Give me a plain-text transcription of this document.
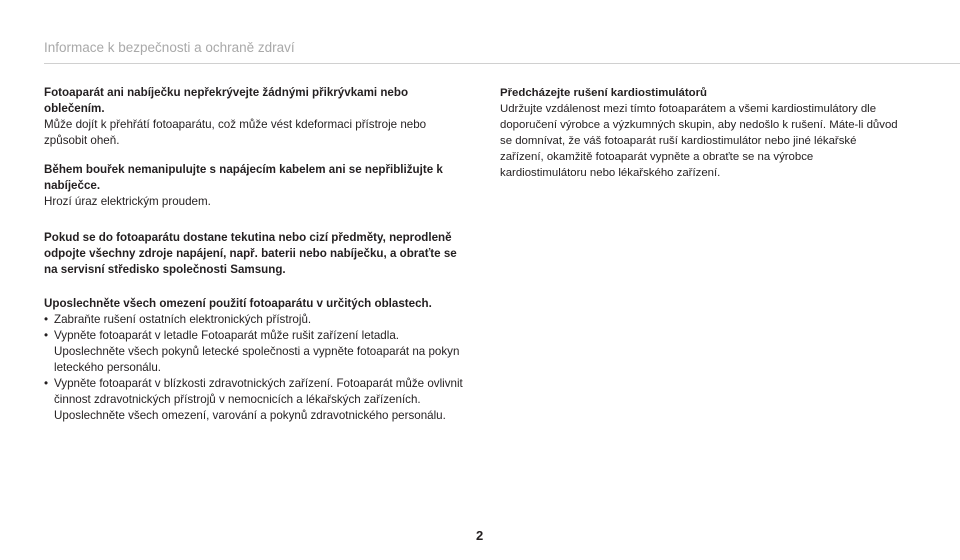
Informace k bezpečnosti a ochraně zdraví
Fotoaparát ani nabíječku nepřekrývejte žádnými přikrývkami nebo oblečením.
Může dojít k přehřátí fotoaparátu, což může vést kdeformaci přístroje nebo způsobit oheň.
Během bouřek nemanipulujte s napájecím kabelem ani se nepřibližujte k nabíječce.
Hrozí úraz elektrickým proudem.
Pokud se do fotoaparátu dostane tekutina nebo cizí předměty, neprodleně odpojte všechny zdroje napájení, např. baterii nebo nabíječku, a obraťte se na servisní středisko společnosti Samsung.
Uposlechněte všech omezení použití fotoaparátu v určitých oblastech.
• Zabraňte rušení ostatních elektronických přístrojů.
• Vypněte fotoaparát v letadle Fotoaparát může rušit zařízení letadla. Uposlechněte všech pokynů letecké společnosti a vypněte fotoaparát na pokyn leteckého personálu.
• Vypněte fotoaparát v blízkosti zdravotnických zařízení. Fotoaparát může ovlivnit činnost zdravotnických přístrojů v nemocnicích a lékařských zařízeních. Uposlechněte všech omezení, varování a pokynů zdravotnického personálu.
Předcházejte rušení kardiostimulátorů
Udržujte vzdálenost mezi tímto fotoaparátem a všemi kardiostimulátory dle doporučení výrobce a výzkumných skupin, aby nedošlo k rušení. Máte-li důvod se domnívat, že váš fotoaparát ruší kardiostimulátor nebo jiné lékařské zařízení, okamžitě fotoaparát vypněte a obraťte se na výrobce kardiostimulátoru nebo lékařského zařízení.
2
